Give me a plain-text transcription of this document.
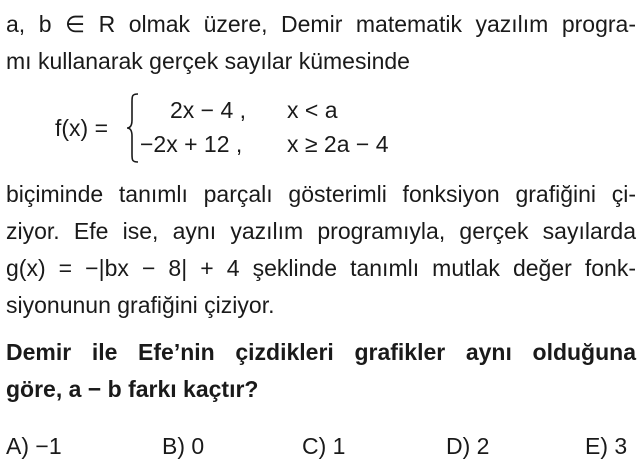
a, b ∈ R olmak üzere, Demir matematik yazılım progra-
mı kullanarak gerçek sayılar kümesinde
f(x) =
2x − 4 , x < a
−2x + 12 , x ≥ 2a − 4
biçiminde tanımlı parçalı gösterimli fonksiyon grafiğini çi-
ziyor. Efe ise, aynı yazılım programıyla, gerçek sayılarda
g(x) = −|bx − 8| + 4 şeklinde tanımlı mutlak değer fonk-
siyonunun grafiğini çiziyor.
Demir ile Efe’nin çizdikleri grafikler aynı olduğuna
göre, a − b farkı kaçtır?
A) −1	B) 0	C) 1	D) 2	E) 3
